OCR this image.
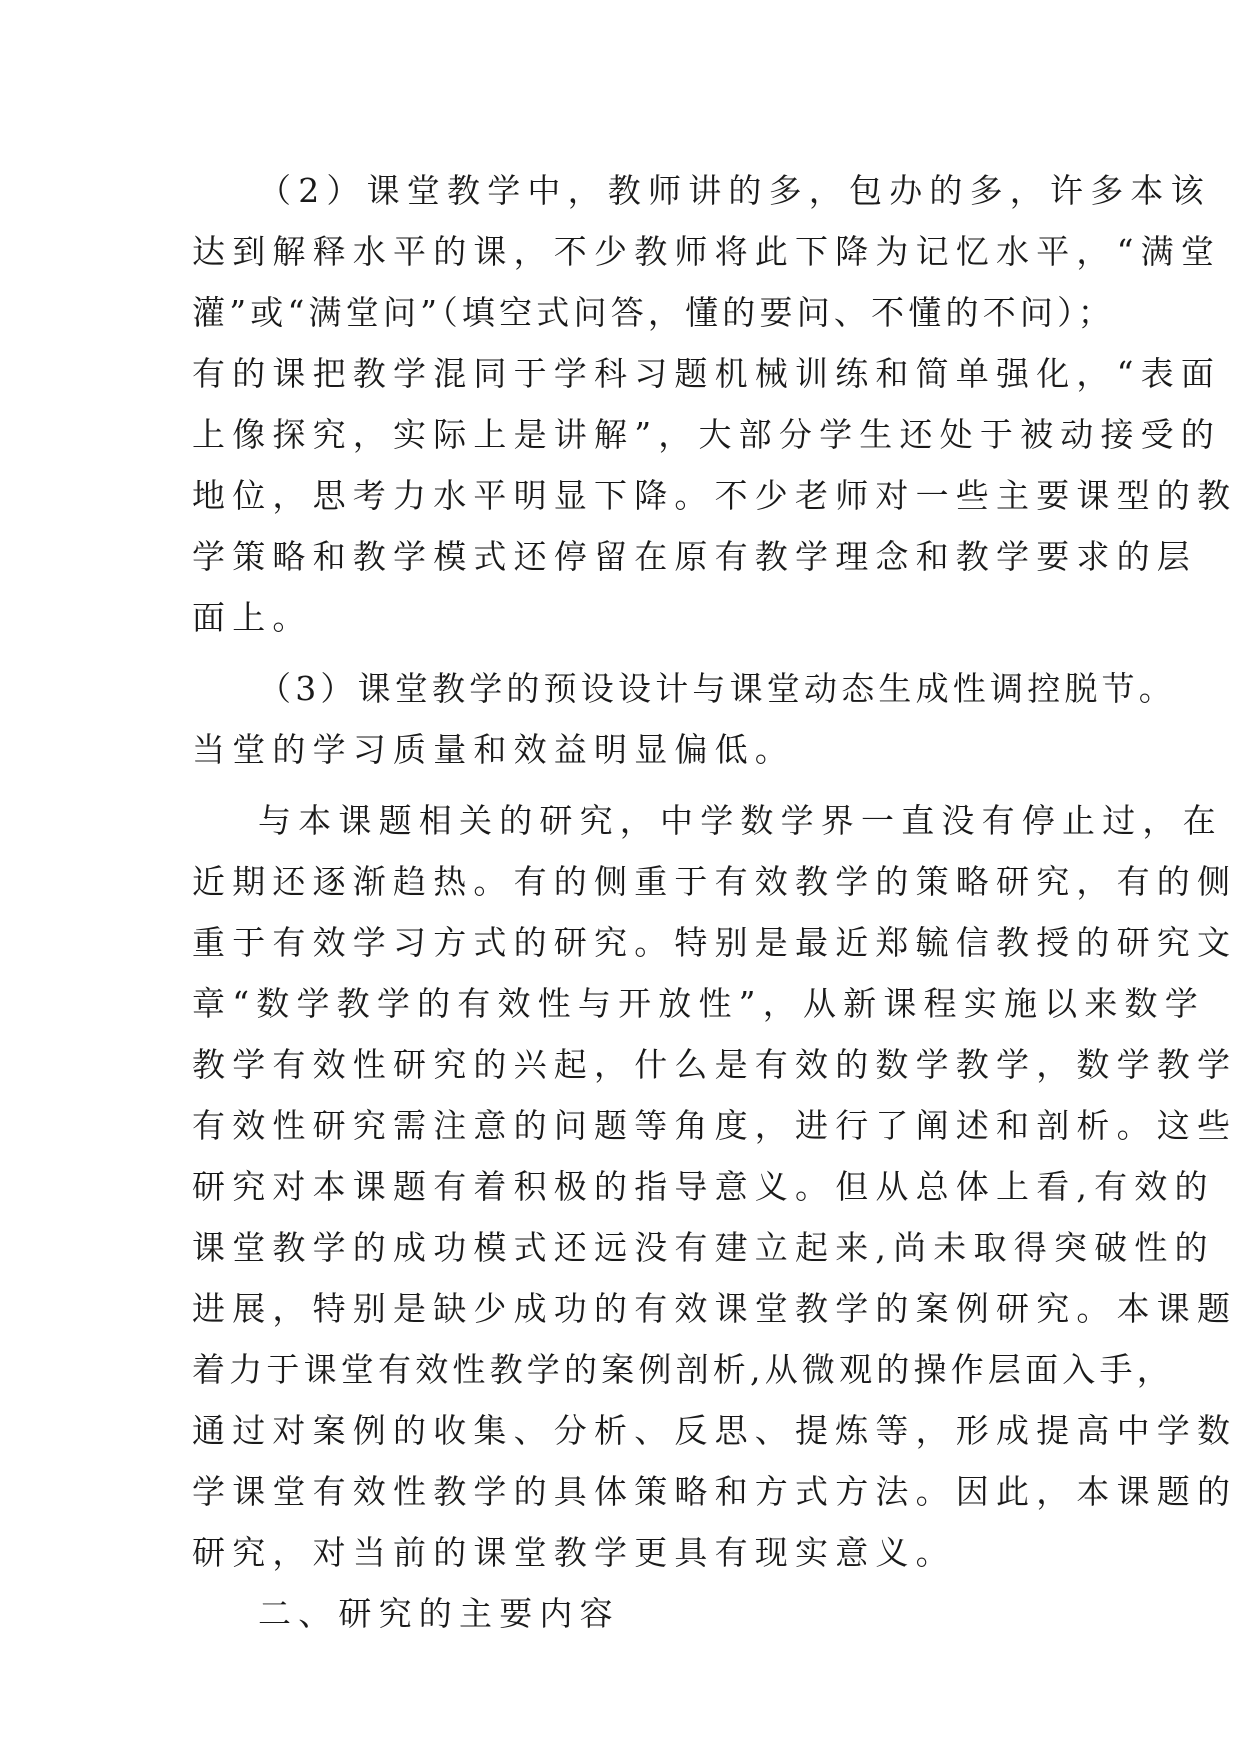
（2）课堂教学中，教师讲的多，包办的多，许多本该
达到解释水平的课，不少教师将此下降为记忆水平，“满堂
灌”或“满堂问”（填空式问答，懂的要问、不懂的不问）；
有的课把教学混同于学科习题机械训练和简单强化，“表面
上像探究，实际上是讲解”，大部分学生还处于被动接受的
地位，思考力水平明显下降。不少老师对一些主要课型的教
学策略和教学模式还停留在原有教学理念和教学要求的层
面上。
（3）课堂教学的预设设计与课堂动态生成性调控脱节。
当堂的学习质量和效益明显偏低。
与本课题相关的研究，中学数学界一直没有停止过，在
近期还逐渐趋热。有的侧重于有效教学的策略研究，有的侧
重于有效学习方式的研究。特别是最近郑毓信教授的研究文
章“数学教学的有效性与开放性”，从新课程实施以来数学
教学有效性研究的兴起，什么是有效的数学教学，数学教学
有效性研究需注意的问题等角度，进行了阐述和剖析。这些
研究对本课题有着积极的指导意义。但从总体上看,有效的
课堂教学的成功模式还远没有建立起来,尚未取得突破性的
进展，特别是缺少成功的有效课堂教学的案例研究。本课题
着力于课堂有效性教学的案例剖析,从微观的操作层面入手，
通过对案例的收集、分析、反思、提炼等，形成提高中学数
学课堂有效性教学的具体策略和方式方法。因此，本课题的
研究，对当前的课堂教学更具有现实意义。
二、研究的主要内容
